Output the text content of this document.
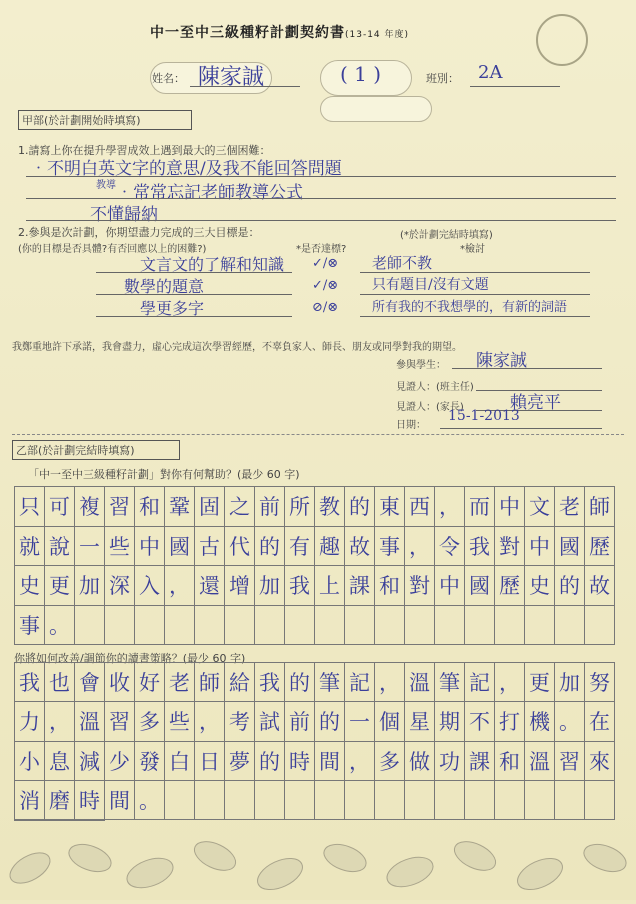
中一至中三級種籽計劃契約書(13-14 年度)
姓名： 陳家誠	( 1 )	班別： 2A
甲部(於計劃開始時填寫)
1.請寫上你在提升學習成效上遇到最大的三個困難：
‧不明白英文字的意思/及我不能回答問題
教導 ‧常常忘記老師教導公式
不懂歸納
2.參與是次計劃，你期望盡力完成的三大目標是：	(*於計劃完結時填寫)
(你的目標是否具體?有否回應以上的困難?)	*是否達標?	*檢討
文言文的了解和知識 ✓/⊗ 老師不教
數學的題意	✓/⊗ 只有題目/沒有文題
學更多字	⊘/⊗	所有我的不我想學的，有新的詞語
我鄭重地許下承諾，我會盡力，虛心完成這次學習經歷，不辜負家人、師長、朋友或同學對我的期望。
參與學生： 陳家誠
見證人：(班主任)
見證人：(家長)	賴亮平
日期：
15-1-2013
乙部(於計劃完結時填寫)
「中一至中三級種籽計劃」對你有何幫助？(最少 60 字)
只 可 複 習 和 鞏 固 之 前 所 教 的 東 西 ， 而 中 文 老 師
就 說 一 些 中 國 古 代 的 有 趣 故 事 ， 令 我 對 中 國 歷
史 更 加 深 入 ， 還 增 加 我 上 課 和 對 中 國 歷 史 的 故
事 。
你將如何改善/調節你的讀書策略？(最少 60 字)
我 也 會 收 好 老 師 給 我 的 筆 記 ， 溫 筆 記 ， 更 加 努
力 ， 溫 習 多 些 ， 考 試 前 的 一 個 星 期 不 打 機 。 在
小 息 減 少 發 白 日 夢 的 時 間 ， 多 做 功 課 和 溫 習 來
消 磨 時 間 。
